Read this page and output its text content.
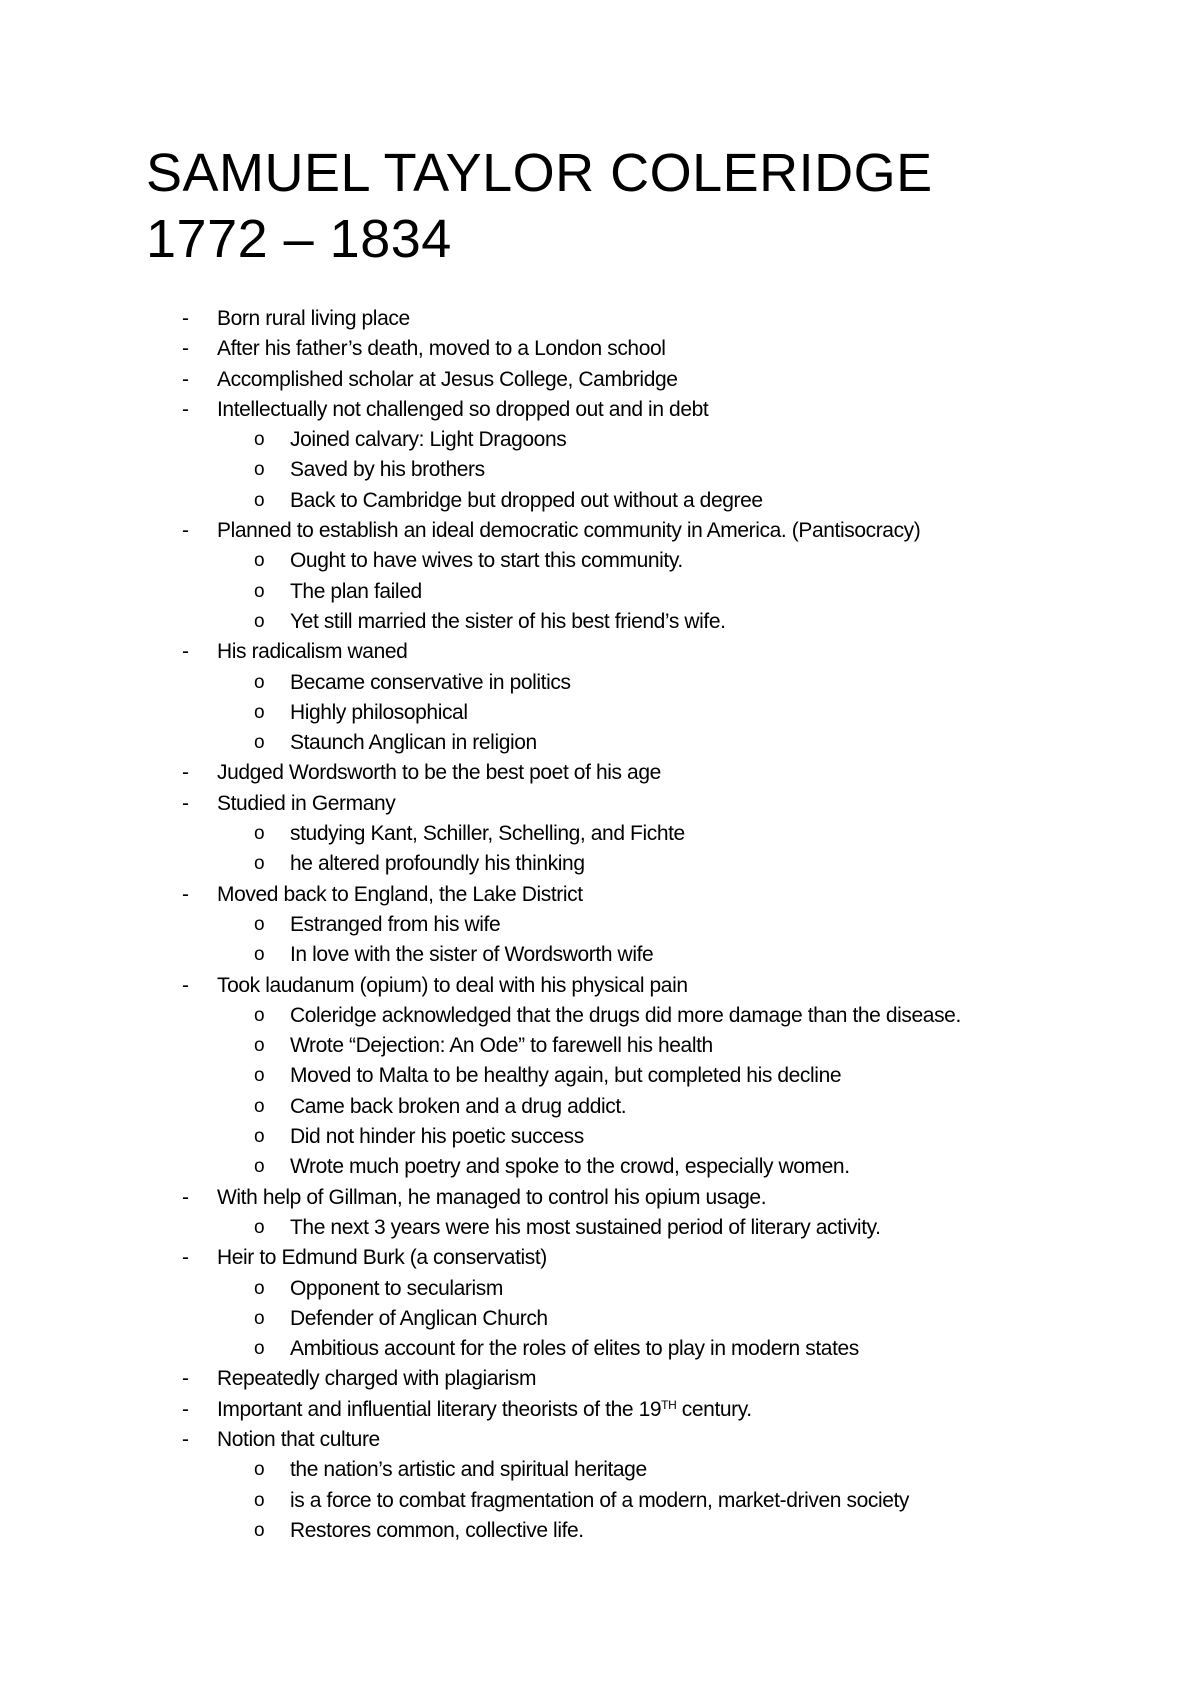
SAMUEL TAYLOR COLERIDGE
1772 – 1834
- Born rural living place
- After his father’s death, moved to a London school
- Accomplished scholar at Jesus College, Cambridge
- Intellectually not challenged so dropped out and in debt
o Joined calvary: Light Dragoons
o Saved by his brothers
o Back to Cambridge but dropped out without a degree
- Planned to establish an ideal democratic community in America. (Pantisocracy)
o Ought to have wives to start this community.
o The plan failed
o Yet still married the sister of his best friend’s wife.
- His radicalism waned
o Became conservative in politics
o Highly philosophical
o Staunch Anglican in religion
- Judged Wordsworth to be the best poet of his age
- Studied in Germany
o studying Kant, Schiller, Schelling, and Fichte
o he altered profoundly his thinking
- Moved back to England, the Lake District
o Estranged from his wife
o In love with the sister of Wordsworth wife
- Took laudanum (opium) to deal with his physical pain
o Coleridge acknowledged that the drugs did more damage than the disease.
o Wrote “Dejection: An Ode” to farewell his health
o Moved to Malta to be healthy again, but completed his decline
o Came back broken and a drug addict.
o Did not hinder his poetic success
o Wrote much poetry and spoke to the crowd, especially women.
- With help of Gillman, he managed to control his opium usage.
o The next 3 years were his most sustained period of literary activity.
- Heir to Edmund Burk (a conservatist)
o Opponent to secularism
o Defender of Anglican Church
o Ambitious account for the roles of elites to play in modern states
- Repeatedly charged with plagiarism
- Important and influential literary theorists of the 19TH century.
- Notion that culture
o the nation’s artistic and spiritual heritage
o is a force to combat fragmentation of a modern, market-driven society
o Restores common, collective life.
